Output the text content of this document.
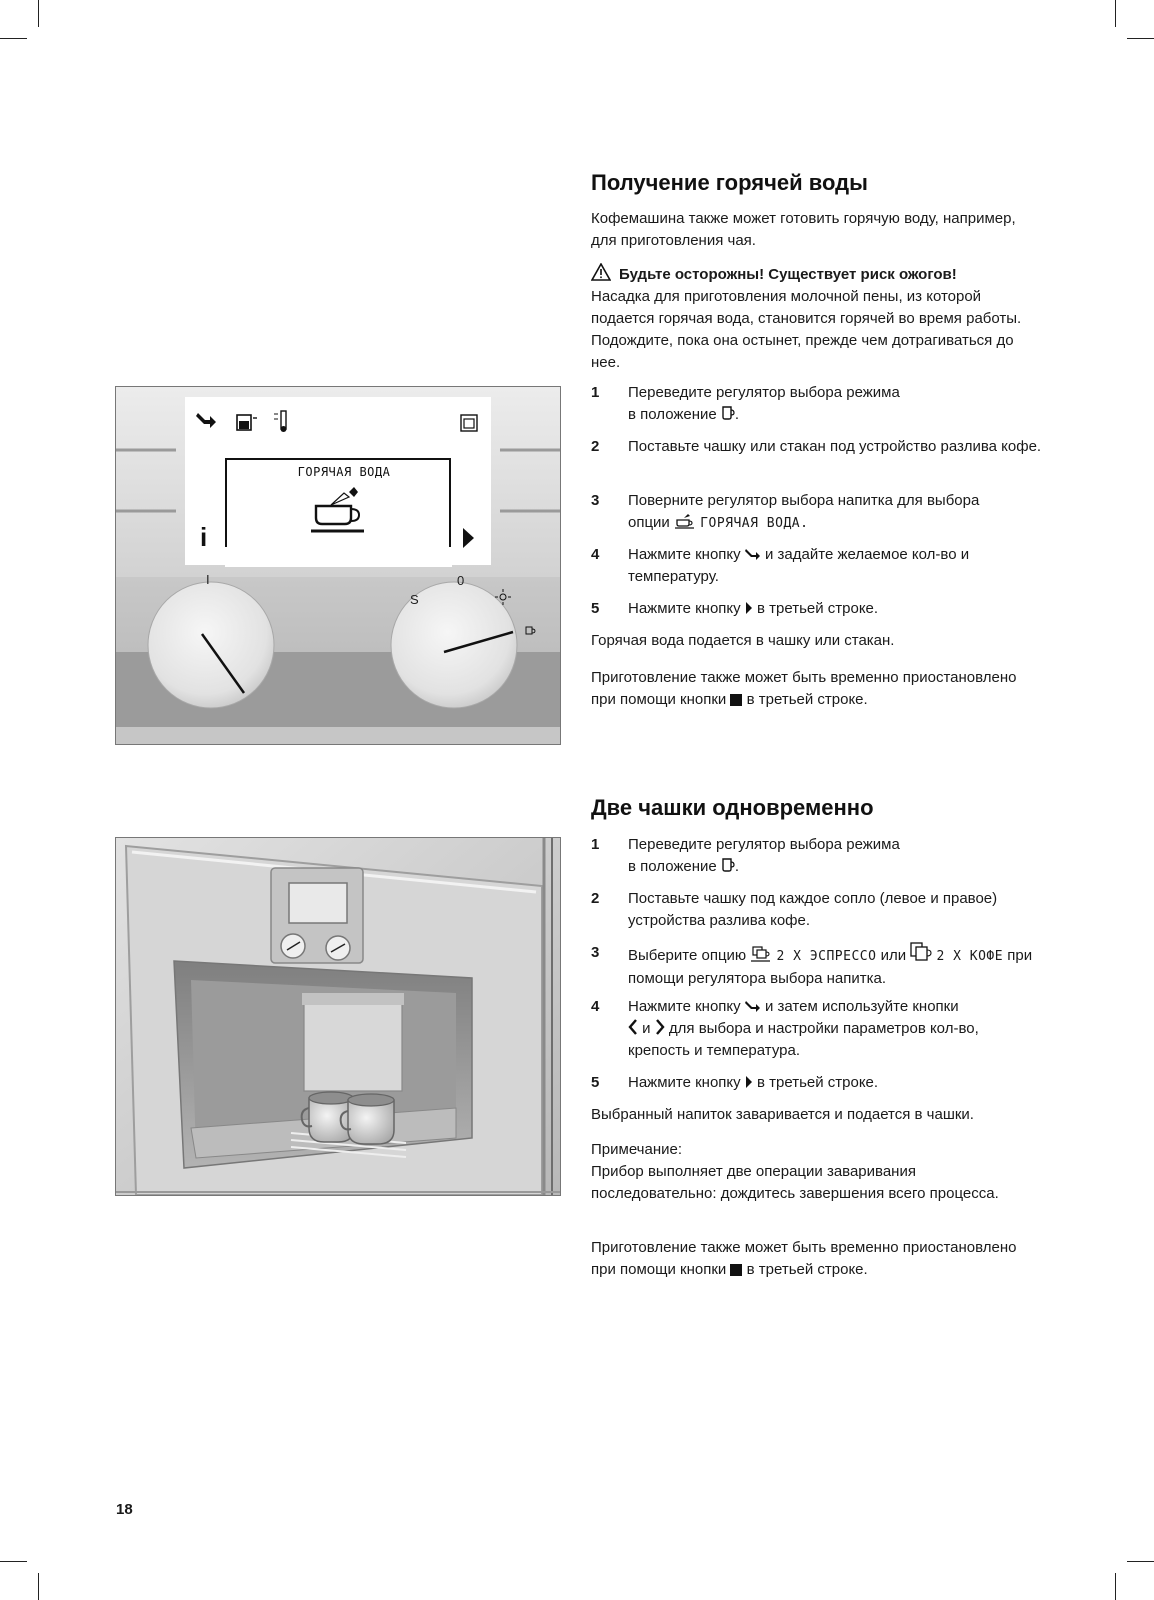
Получение горячей воды

Кофемашина также может готовить горячую воду, например, для приготовления чая.

Будьте осторожны! Существует риск ожогов!
Насадка для приготовления молочной пены, из которой подается горячая вода, становится горячей во время работы. Подождите, пока она остынет, прежде чем дотрагиваться до нее.
1 Переведите регулятор выбора режима
в положение .
2 Поставьте чашку или стакан под устройство разлива кофе.
3 Поверните регулятор выбора напитка для выбора
опции ГОРЯЧАЯ ВОДА.
4 Нажмите кнопку и задайте желаемое кол-во и температуру.
5 Нажмите кнопку в третьей строке.

Горячая вода подается в чашку или стакан.

Приготовление также может быть временно приостановлено при помощи кнопки в третьей строке.

ГОРЯЧАЯ ВОДА
i
I
S
0
Две чашки одновременно
1 Переведите регулятор выбора режима
в положение .
2 Поставьте чашку под каждое сопло (левое и правое) устройства разлива кофе.
3 Выберите опцию 2 Х ЭСПРЕССО или 2 Х КОФЕ при помощи регулятора выбора напитка.
4 Нажмите кнопку и затем используйте кнопки

и для выбора и настройки параметров кол-во, крепость и температура.
5 Нажмите кнопку в третьей строке.

Выбранный напиток заваривается и подается в чашки.

Примечание:
Прибор выполняет две операции заваривания последовательно: дождитесь завершения всего процесса.

Приготовление также может быть временно приостановлено при помощи кнопки в третьей строке.

18
